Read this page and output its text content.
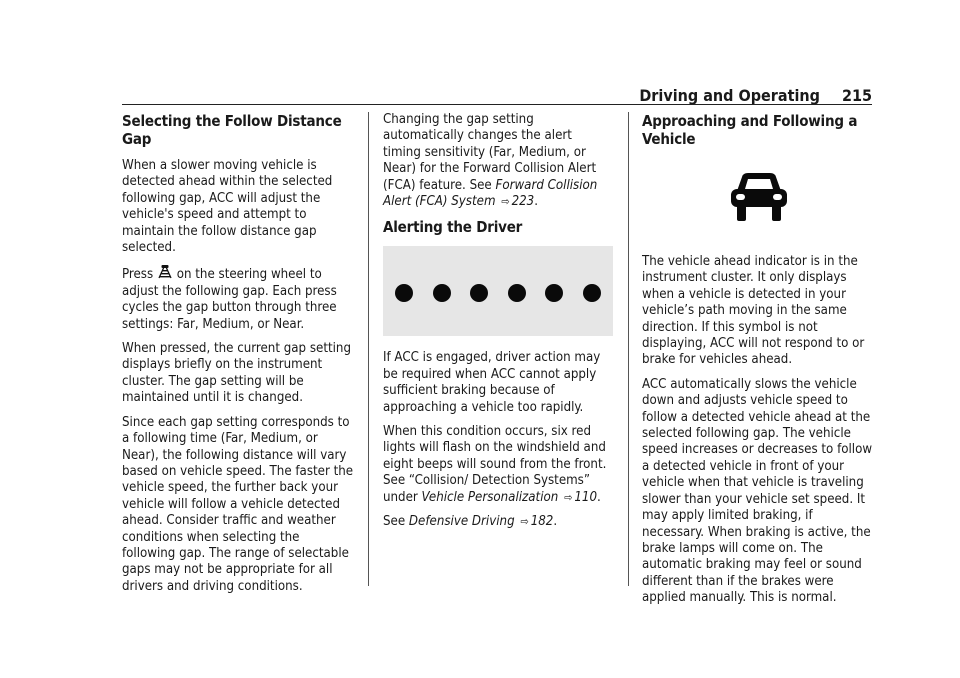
Driving and Operating 215
Selecting the Follow Distance Gap

When a slower moving vehicle is detected ahead within the selected following gap, ACC will adjust the vehicle's speed and attempt to maintain the follow distance gap selected.

Press on the steering wheel to adjust the following gap. Each press cycles the gap button through three settings: Far, Medium, or Near.

When pressed, the current gap setting displays briefly on the instrument cluster. The gap setting will be maintained until it is changed.

Since each gap setting corresponds to a following time (Far, Medium, or Near), the following distance will vary based on vehicle speed. The faster the vehicle speed, the further back your vehicle will follow a vehicle detected ahead. Consider traffic and weather conditions when selecting the following gap. The range of selectable gaps may not be appropriate for all drivers and driving conditions.

Changing the gap setting automatically changes the alert timing sensitivity (Far, Medium, or Near) for the Forward Collision Alert (FCA) feature. See Forward Collision Alert (FCA) System ⇨ 223.

Alerting the Driver

If ACC is engaged, driver action may be required when ACC cannot apply sufficient braking because of approaching a vehicle too rapidly.

When this condition occurs, six red lights will flash on the windshield and eight beeps will sound from the front. See “Collision/ Detection Systems” under Vehicle Personalization ⇨ 110.

See Defensive Driving ⇨ 182.

Approaching and Following a Vehicle

The vehicle ahead indicator is in the instrument cluster. It only displays when a vehicle is detected in your vehicle’s path moving in the same direction. If this symbol is not displaying, ACC will not respond to or brake for vehicles ahead.

ACC automatically slows the vehicle down and adjusts vehicle speed to follow a detected vehicle ahead at the selected following gap. The vehicle speed increases or decreases to follow a detected vehicle in front of your vehicle when that vehicle is traveling slower than your vehicle set speed. It may apply limited braking, if necessary. When braking is active, the brake lamps will come on. The automatic braking may feel or sound different than if the brakes were applied manually. This is normal.
